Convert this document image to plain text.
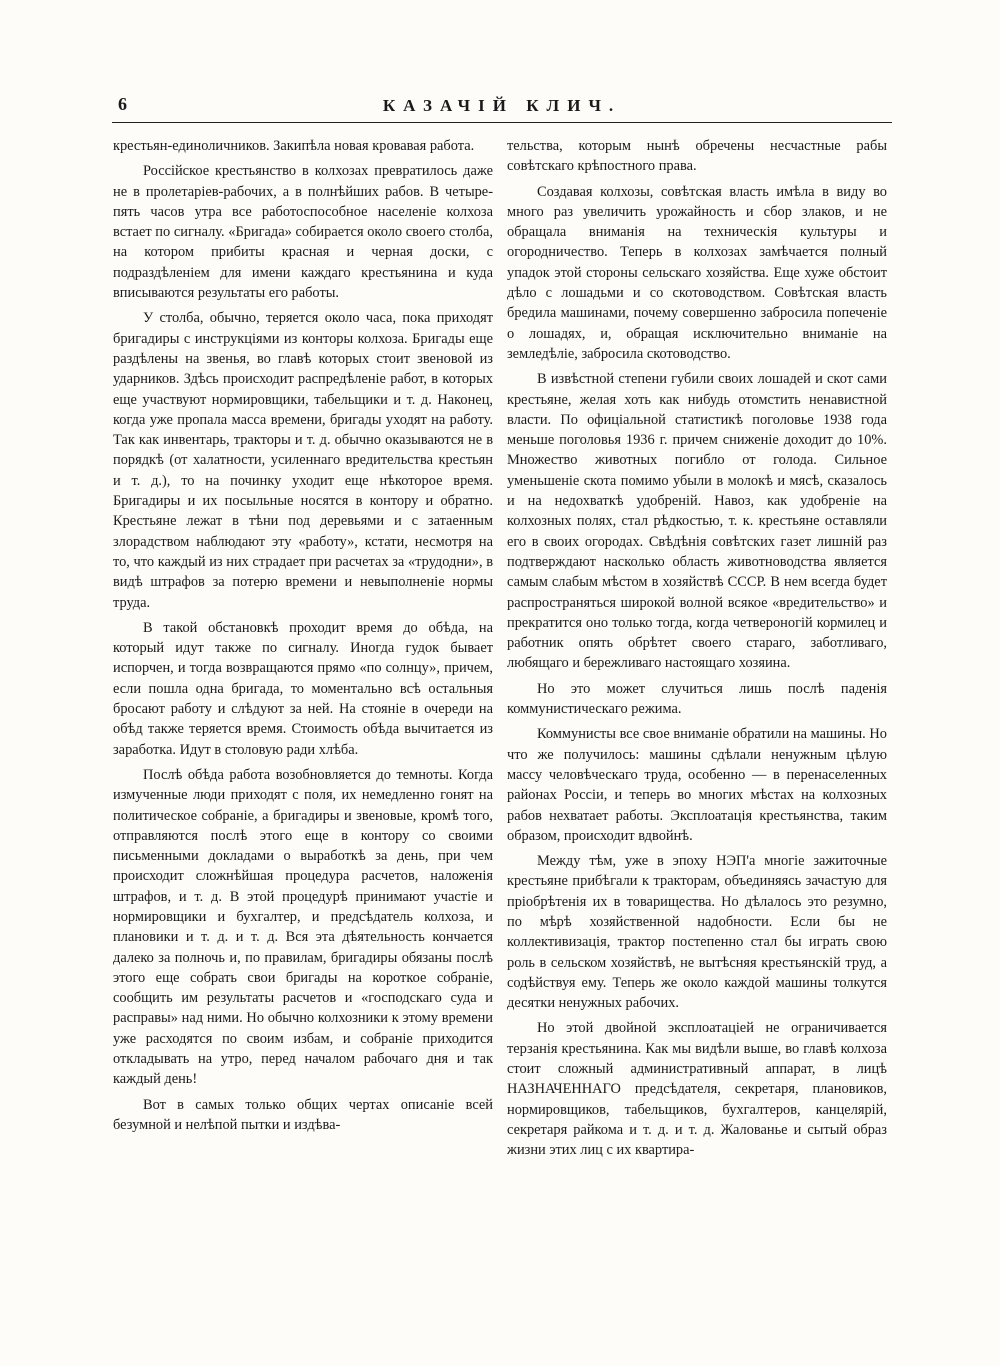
6	КАЗАЧІЙ КЛИЧ.

крестьян-единоличников. Закипѣла новая кровавая работа.

Россійское крестьянство в колхозах превратилось даже не в пролетаріев-рабочих, а в полнѣйших рабов. В четыре-пять часов утра все работоспособное населеніе колхоза встает по сигналу. «Бригада» собирается около своего столба, на котором прибиты красная и черная доски, с подраздѣленіем для имени каждаго крестьянина и куда вписываются результаты его работы.

У столба, обычно, теряется около часа, пока приходят бригадиры с инструкціями из конторы колхоза. Бригады еще раздѣлены на звенья, во главѣ которых стоит звеновой из ударников. Здѣсь происходит распредѣленіе работ, в которых еще участвуют нормировщики, табельщики и т. д. Наконец, когда уже пропала масса времени, бригады уходят на работу. Так как инвентарь, тракторы и т. д. обычно оказываются не в порядкѣ (от халатности, усиленнаго вредительства крестьян и т. д.), то на починку уходит еще нѣкоторое время. Бригадиры и их посыльные носятся в контору и обратно. Крестьяне лежат в тѣни под деревьями и с затаенным злорадством наблюдают эту «работу», кстати, несмотря на то, что каждый из них страдает при расчетах за «трудодни», в видѣ штрафов за потерю времени и невыполненіе нормы труда.

В такой обстановкѣ проходит время до обѣда, на который идут также по сигналу. Иногда гудок бывает испорчен, и тогда возвращаются прямо «по солнцу», причем, если пошла одна бригада, то моментально всѣ остальныя бросают работу и слѣдуют за ней. На стояніе в очереди на обѣд также теряется время. Стоимость обѣда вычитается из заработка. Идут в столовую ради хлѣба.

Послѣ обѣда работа возобновляется до темноты. Когда измученные люди приходят с поля, их немедленно гонят на политическое собраніе, а бригадиры и звеновые, кромѣ того, отправляются послѣ этого еще в контору со своими письменными докладами о выработкѣ за день, при чем происходит сложнѣйшая процедура расчетов, наложенія штрафов, и т. д. В этой процедурѣ принимают участіе и нормировщики и бухгалтер, и предсѣдатель колхоза, и плановики и т. д. и т. д. Вся эта дѣятельность кончается далеко за полночь и, по правилам, бригадиры обязаны послѣ этого еще собрать свои бригады на короткое собраніе, сообщить им результаты расчетов и «господскаго суда и расправы» над ними. Но обычно колхозники к этому времени уже расходятся по своим избам, и собраніе приходится откладывать на утро, перед началом рабочаго дня и так каждый день!

Вот в самых только общих чертах описаніе всей безумной и нелѣпой пытки и издѣва-

тельства, которым нынѣ обречены несчастные рабы совѣтскаго крѣпостного права.

Создавая колхозы, совѣтская власть имѣла в виду во много раз увеличить урожайность и сбор злаков, и не обращала вниманія на техническія культуры и огородничество. Теперь в колхозах замѣчается полный упадок этой стороны сельскаго хозяйства. Еще хуже обстоит дѣло с лошадьми и со скотоводством. Совѣтская власть бредила машинами, почему совершенно забросила попеченіе о лошадях, и, обращая исключительно вниманіе на земледѣліе, забросила скотоводство.

В извѣстной степени губили своих лошадей и скот сами крестьяне, желая хоть как нибудь отомстить ненавистной власти. По офиціальной статистикѣ поголовье 1938 года меньше поголовья 1936 г. причем сниженіе доходит до 10%. Множество животных погибло от голода. Сильное уменьшеніе скота помимо убыли в молокѣ и мясѣ, сказалось и на недохваткѣ удобреній. Навоз, как удобреніе на колхозных полях, стал рѣдкостью, т. к. крестьяне оставляли его в своих огородах. Свѣдѣнія совѣтских газет лишній раз подтверждают насколько область животноводства является самым слабым мѣстом в хозяйствѣ СССР. В нем всегда будет распространяться широкой волной всякое «вредительство» и прекратится оно только тогда, когда четвероногій кормилец и работник опять обрѣтет своего стараго, заботливаго, любящаго и бережливаго настоящаго хозяина.

Но это может случиться лишь послѣ паденія коммунистическаго режима.

Коммунисты все свое вниманіе обратили на машины. Но что же получилось: машины сдѣлали ненужным цѣлую массу человѣческаго труда, особенно — в перенаселенных районах Россіи, и теперь во многих мѣстах на колхозных рабов нехватает работы. Эксплоатація крестьянства, таким образом, происходит вдвойнѣ.

Между тѣм, уже в эпоху НЭП'а многіе зажиточные крестьяне прибѣгали к тракторам, объединяясь зачастую для пріобрѣтенія их в товарищества. Но дѣлалось это резумно, по мѣрѣ хозяйственной надобности. Если бы не коллективизація, трактор постепенно стал бы играть свою роль в сельском хозяйствѣ, не вытѣсняя крестьянскій труд, а содѣйствуя ему. Теперь же около каждой машины толкутся десятки ненужных рабочих.

Но этой двойной эксплоатаціей не ограничивается терзанія крестьянина. Как мы видѣли выше, во главѣ колхоза стоит сложный административный аппарат, в лицѣ НАЗНАЧЕННАГО предсѣдателя, секретаря, плановиков, нормировщиков, табельщиков, бухгалтеров, канцелярій, секретаря райкома и т. д. и т. д. Жалованье и сытый образ жизни этих лиц с их квартира-
